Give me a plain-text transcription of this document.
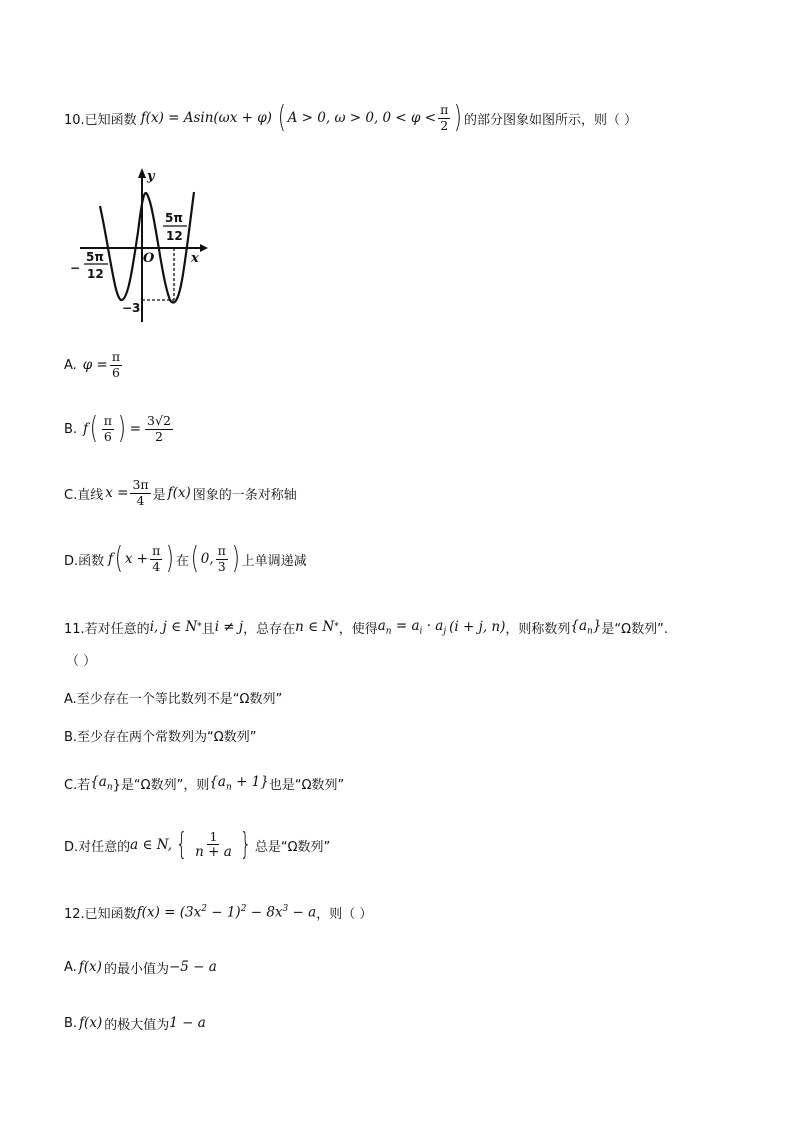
10.已知函数 f(x) = Asin(ωx + φ) ( A > 0, ω > 0, $0 < \varphi < \frac{\pi}{2}$ ) 的部分图象如图所示，则（ ）
y
x
O
−
5π
12
5π
12
−3
A. $\varphi = \frac{\pi}{6}$
B. f ( $\frac{\pi}{6}$ ) = $\frac{3√2}{2}$
C.直线 $x = \frac{3\pi}{4}$ 是 f(x) 图象的一条对称轴
D.函数 f ( $x + \frac{\pi}{4}$ ) 在 ( 0, $\frac{\pi}{3}$ ) 上单调递减
11.若对任意的 i, j ∈ N * 且 i ≠ j ，总存在 n ∈ N * ，使得 $a_n = a_i \cdot a_j$ (i + j, n) ，则称数列 $\{a_n\}$ 是“Ω数列”.
（ ）
A.至少存在一个等比数列不是“Ω数列”
B.至少存在两个常数列为“Ω数列”
C.若 {$a_n$ }是“Ω数列”，则 $\{a_n + 1\}$ 也是“Ω数列”
D.对任意的 a ∈ N, { $\frac{1}{n + a}$ } 总是“Ω数列”
12.已知函数 $f(x) = (3x^2 - 1)^2 - 8x^3 - a$ ，则（ ）
A. f(x) 的最小值为 −5 − a
B. f(x) 的极大值为 1 − a
